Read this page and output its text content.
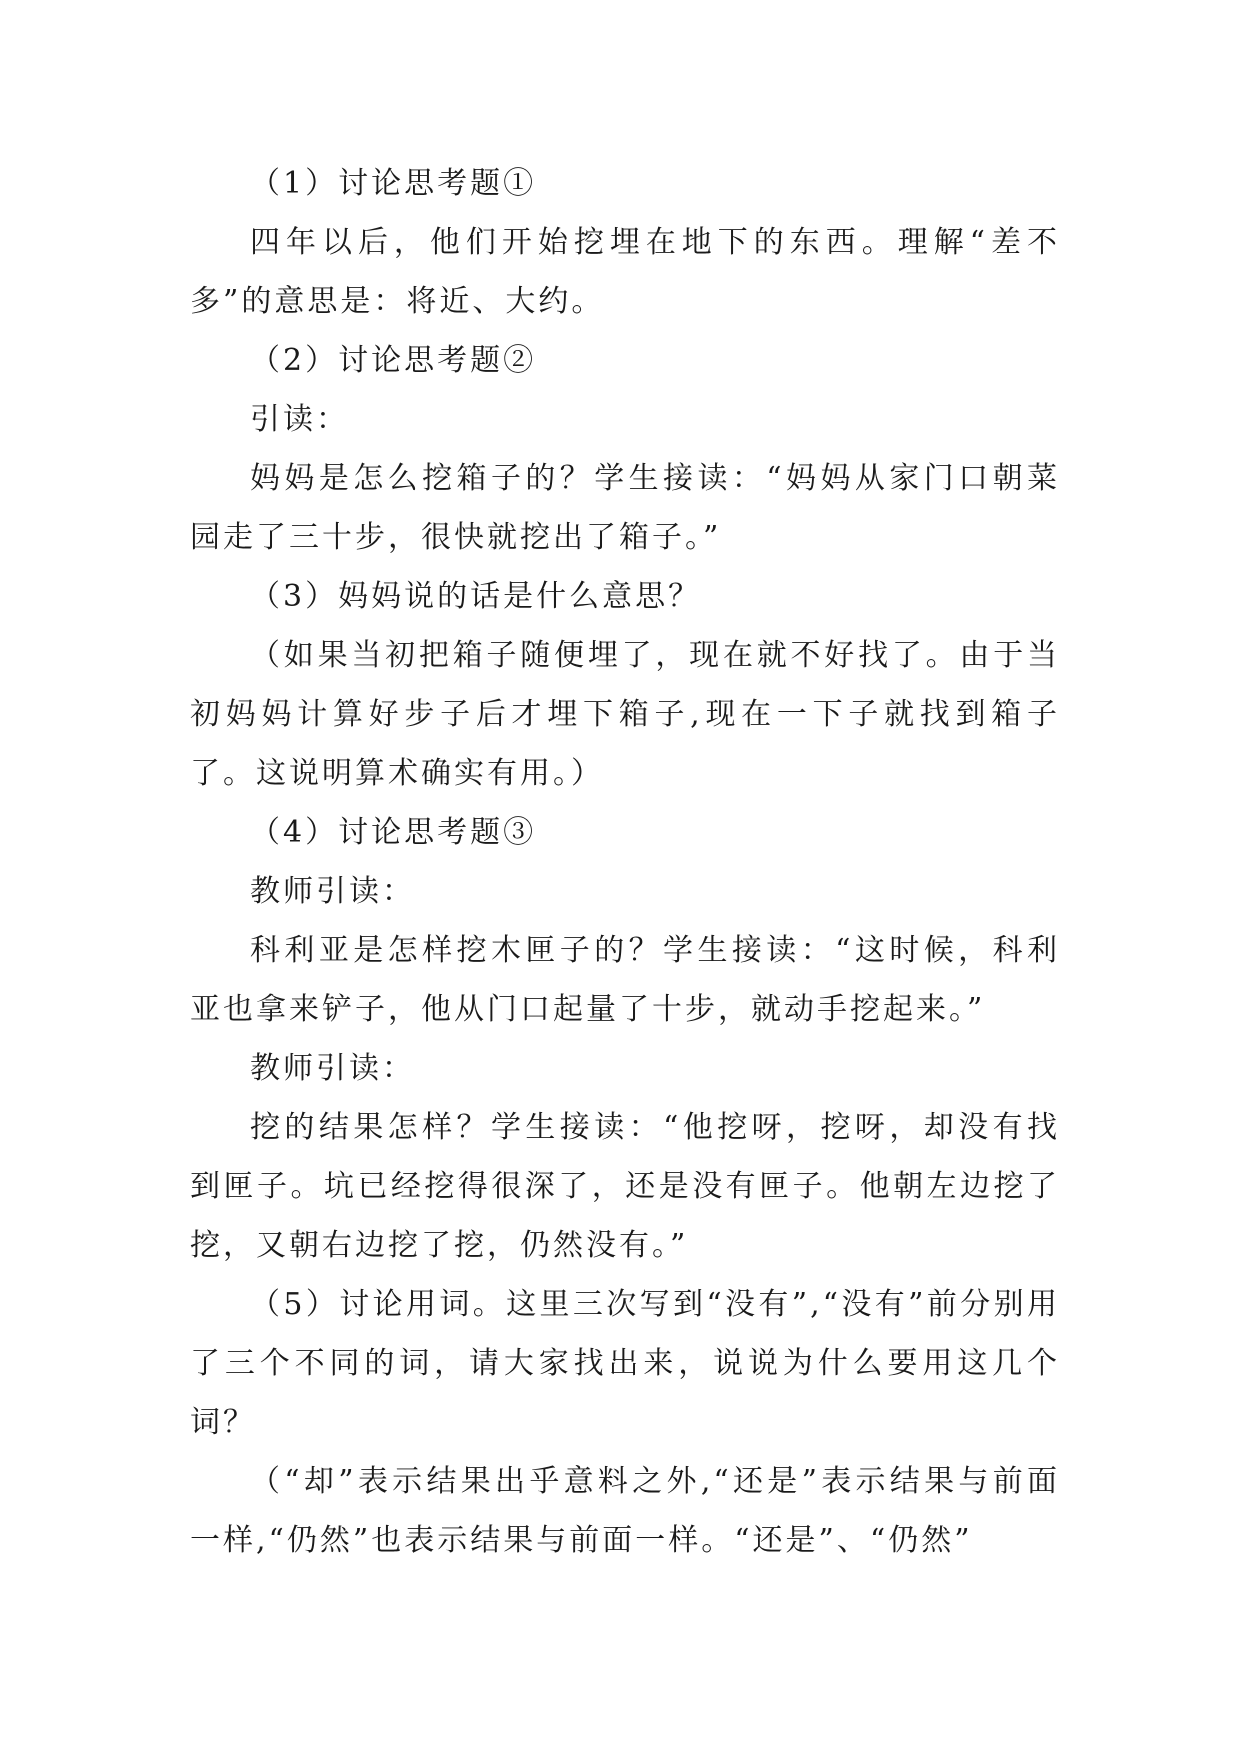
（1）讨论思考题①

四年以后，他们开始挖埋在地下的东西。理解“差不多”的意思是：将近、大约。

（2）讨论思考题②

引读：

妈妈是怎么挖箱子的？学生接读：“妈妈从家门口朝菜园走了三十步，很快就挖出了箱子。”

（3）妈妈说的话是什么意思？

（如果当初把箱子随便埋了，现在就不好找了。由于当初妈妈计算好步子后才埋下箱子,现在一下子就找到箱子了。这说明算术确实有用。）

（4）讨论思考题③

教师引读：

科利亚是怎样挖木匣子的？学生接读：“这时候，科利亚也拿来铲子，他从门口起量了十步，就动手挖起来。”

教师引读：

挖的结果怎样？学生接读：“他挖呀，挖呀，却没有找到匣子。坑已经挖得很深了，还是没有匣子。他朝左边挖了挖，又朝右边挖了挖，仍然没有。”

（5）讨论用词。这里三次写到“没有”,“没有”前分别用了三个不同的词，请大家找出来，说说为什么要用这几个词？

（“却”表示结果出乎意料之外,“还是”表示结果与前面一样,“仍然”也表示结果与前面一样。“还是”、“仍然”
